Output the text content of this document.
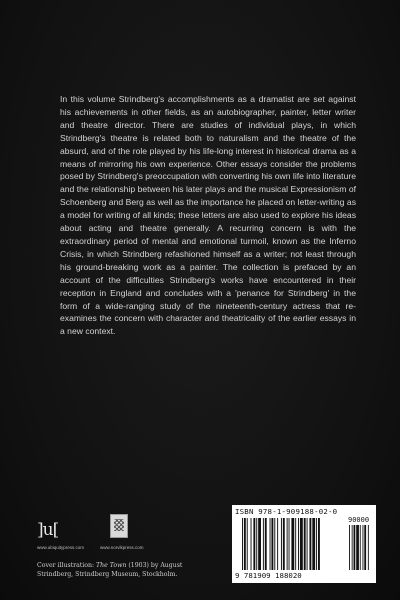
In this volume Strindberg's accomplishments as a dramatist are set against his achievements in other fields, as an autobiographer, painter, letter writer and theatre director. There are studies of individual plays, in which Strindberg's theatre is related both to naturalism and the theatre of the absurd, and of the role played by his life-long interest in historical drama as a means of mirroring his own experience. Other essays consider the problems posed by Strindberg's preoccupation with converting his own life into literature and the relationship between his later plays and the musical Expressionism of Schoenberg and Berg as well as the importance he placed on letter-writing as a model for writing of all kinds; these letters are also used to explore his ideas about acting and theatre generally. A recurring concern is with the extraordinary period of mental and emotional turmoil, known as the Inferno Crisis, in which Strindberg refashioned himself as a writer; not least through his ground-breaking work as a painter. The collection is prefaced by an account of the difficulties Strindberg's works have encountered in their reception in England and concludes with a 'penance for Strindberg' in the form of a wide-ranging study of the nineteenth-century actress that re-examines the concern with character and theatricality of the earlier essays in a new context.

]u[
www.ubiquitypress.com	www.norvikpress.com
Cover illustration: The Town (1903) by August Strindberg, Strindberg Museum, Stockholm.
ISBN 978-1-909188-02-0
90000
9 781909 188020
